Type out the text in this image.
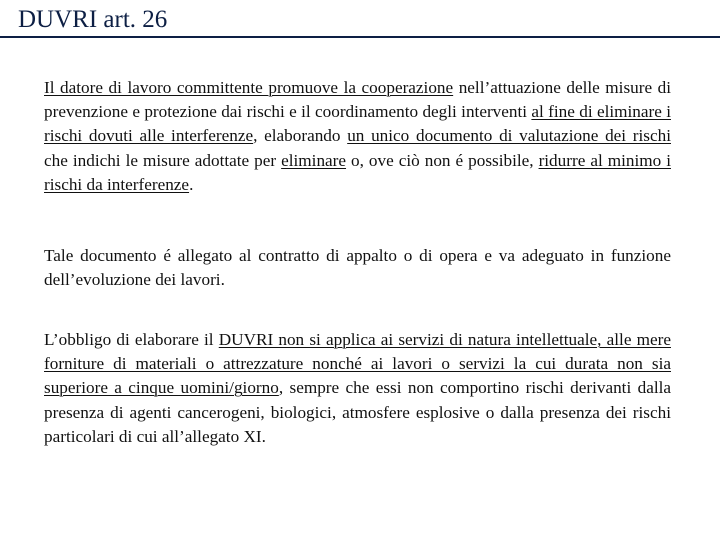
DUVRI art. 26

Il datore di lavoro committente promuove la cooperazione nell’attuazione delle misure di prevenzione e protezione dai rischi e il coordinamento degli interventi al fine di eliminare i rischi dovuti alle interferenze, elaborando un unico documento di valutazione dei rischi che indichi le misure adottate per eliminare o, ove ciò non é possibile, ridurre al minimo i rischi da interferenze.

Tale documento é allegato al contratto di appalto o di opera e va adeguato in funzione dell’evoluzione dei lavori.

L’obbligo di elaborare il DUVRI non si applica ai servizi di natura intellettuale, alle mere forniture di materiali o attrezzature nonché ai lavori o servizi la cui durata non sia superiore a cinque uomini/giorno, sempre che essi non comportino rischi derivanti dalla presenza di agenti cancerogeni, biologici, atmosfere esplosive o dalla presenza dei rischi particolari di cui all’allegato XI.
